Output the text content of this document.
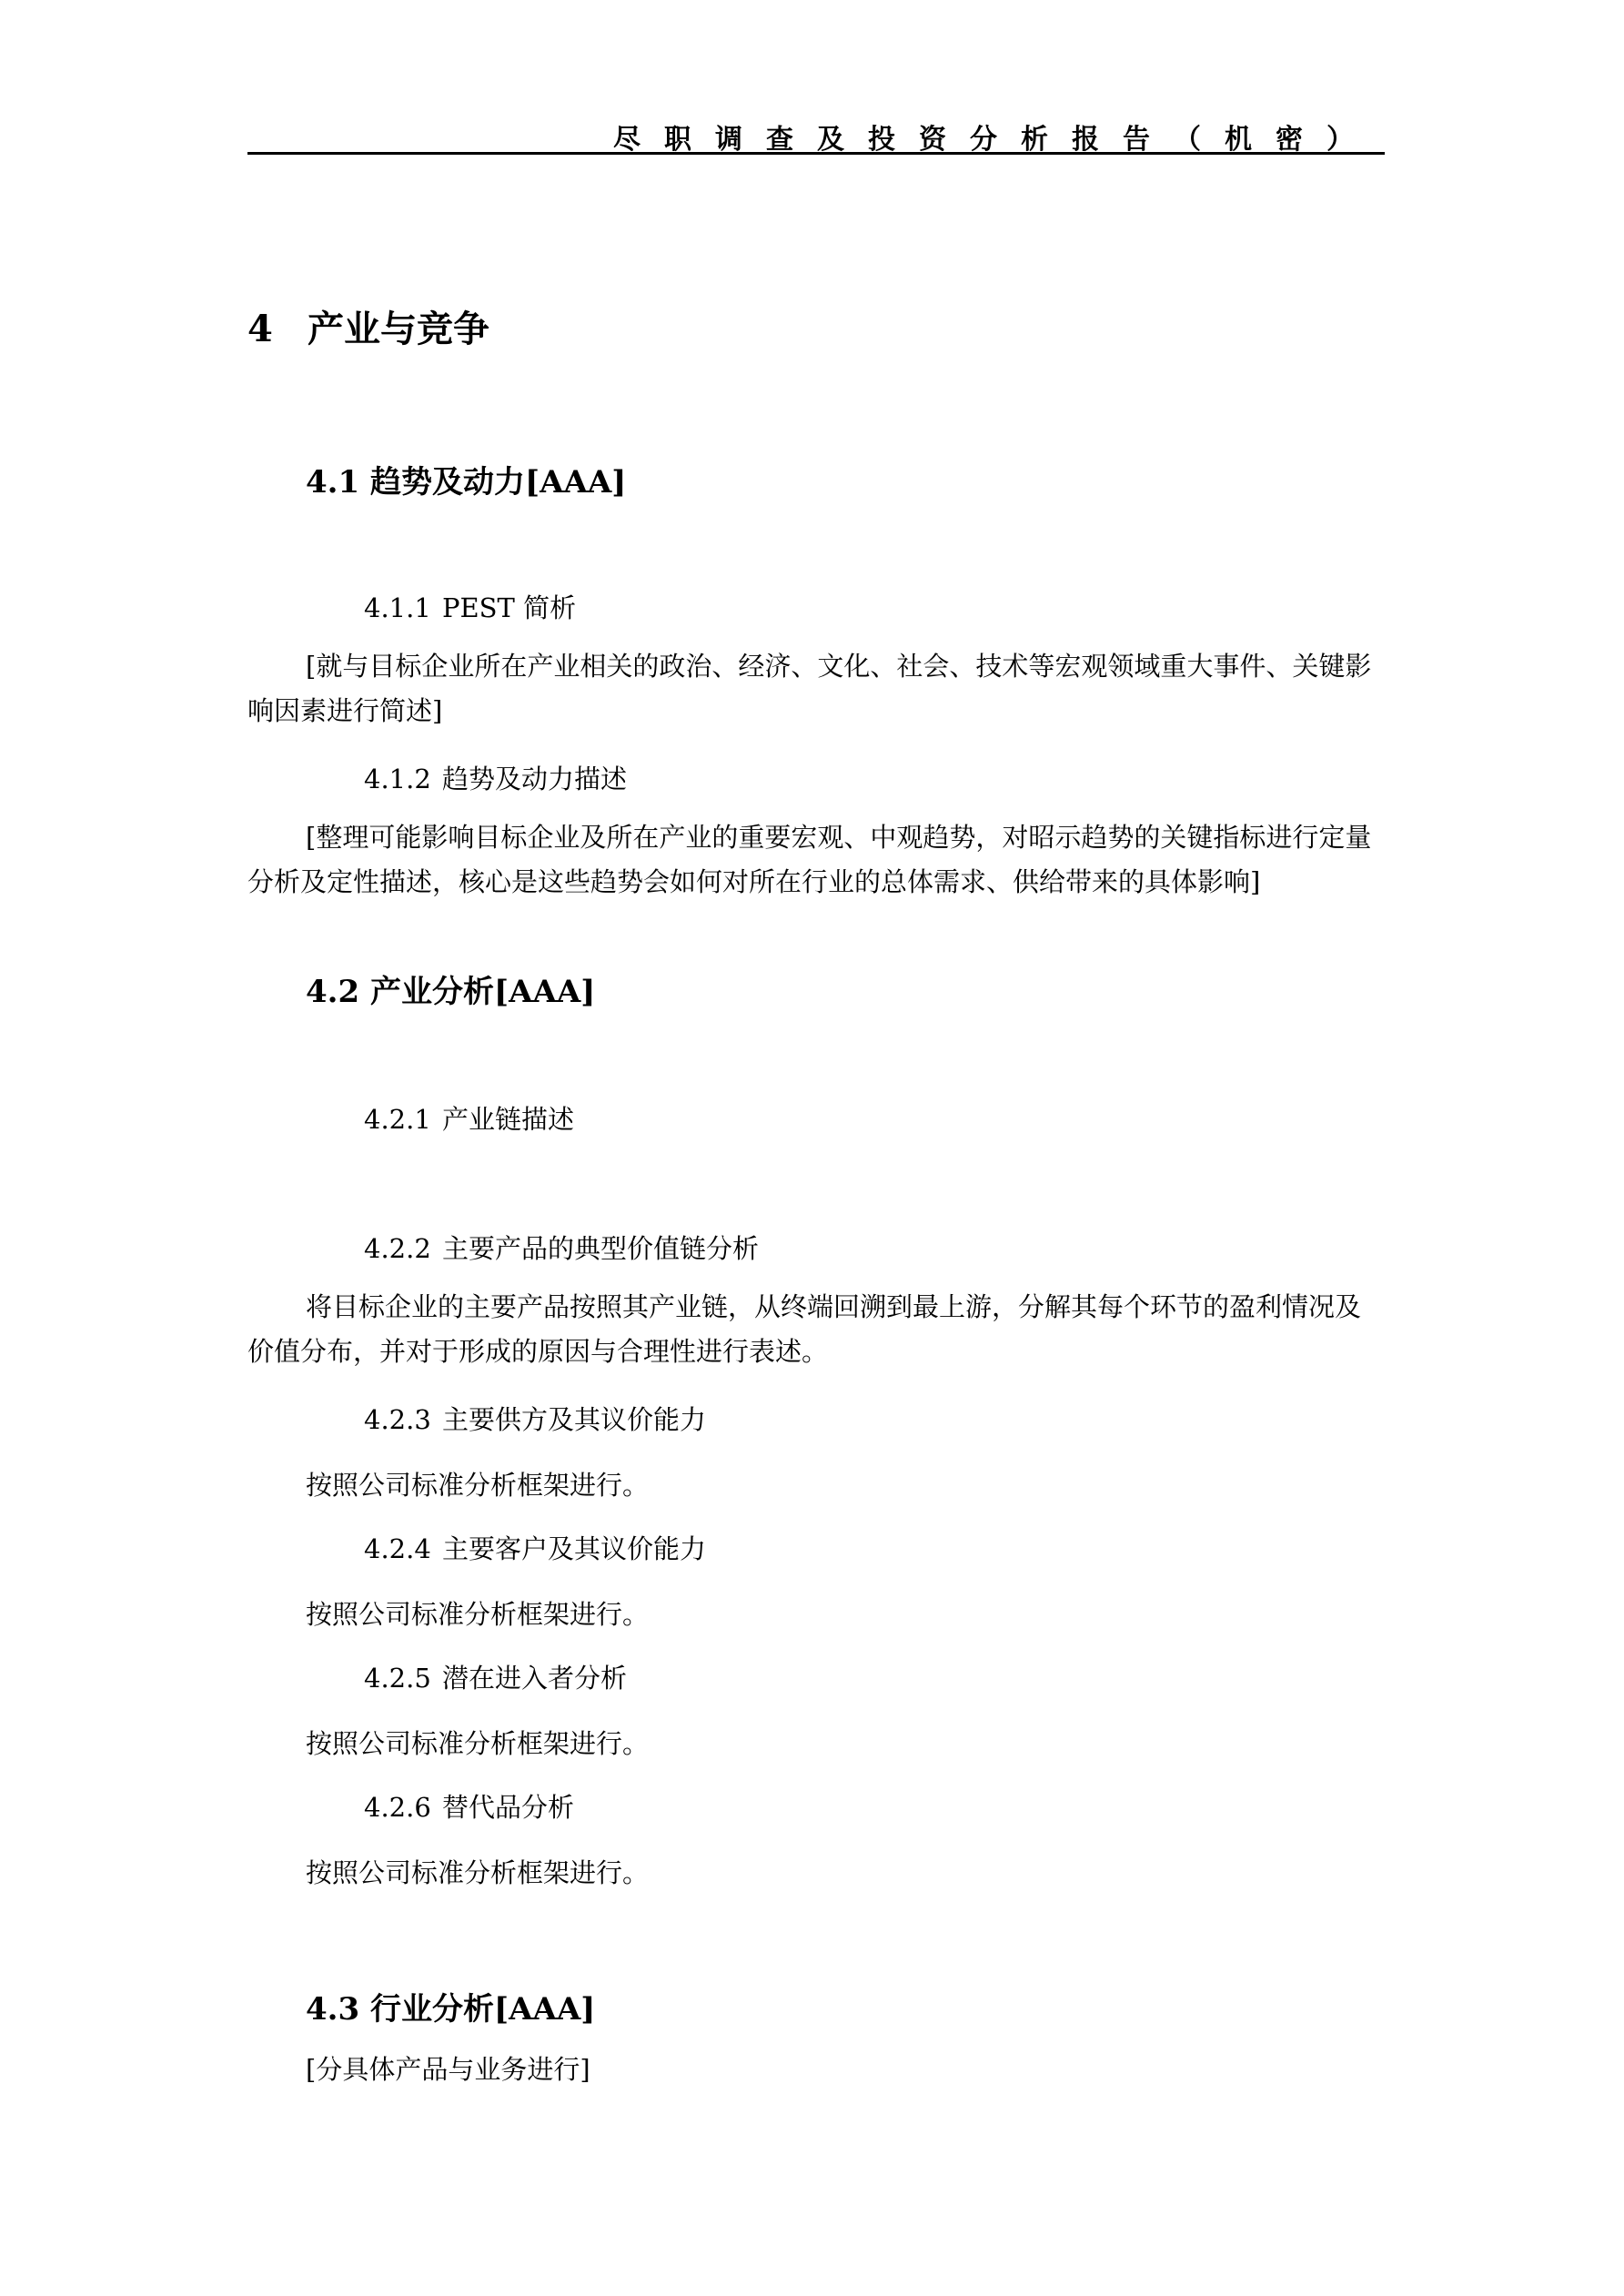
尽职调查及投资分析报告（机密）
4 产业与竞争
4.1 趋势及动力[AAA]
4.1.1 PEST 简析
[就与目标企业所在产业相关的政治、经济、文化、社会、技术等宏观领域重大事件、关键影响因素进行简述]
4.1.2 趋势及动力描述
[整理可能影响目标企业及所在产业的重要宏观、中观趋势，对昭示趋势的关键指标进行定量分析及定性描述，核心是这些趋势会如何对所在行业的总体需求、供给带来的具体影响]
4.2 产业分析[AAA]
4.2.1 产业链描述
4.2.2 主要产品的典型价值链分析
将目标企业的主要产品按照其产业链，从终端回溯到最上游，分解其每个环节的盈利情况及价值分布，并对于形成的原因与合理性进行表述。
4.2.3 主要供方及其议价能力
按照公司标准分析框架进行。
4.2.4 主要客户及其议价能力
按照公司标准分析框架进行。
4.2.5 潜在进入者分析
按照公司标准分析框架进行。
4.2.6 替代品分析
按照公司标准分析框架进行。
4.3 行业分析[AAA]
[分具体产品与业务进行]
